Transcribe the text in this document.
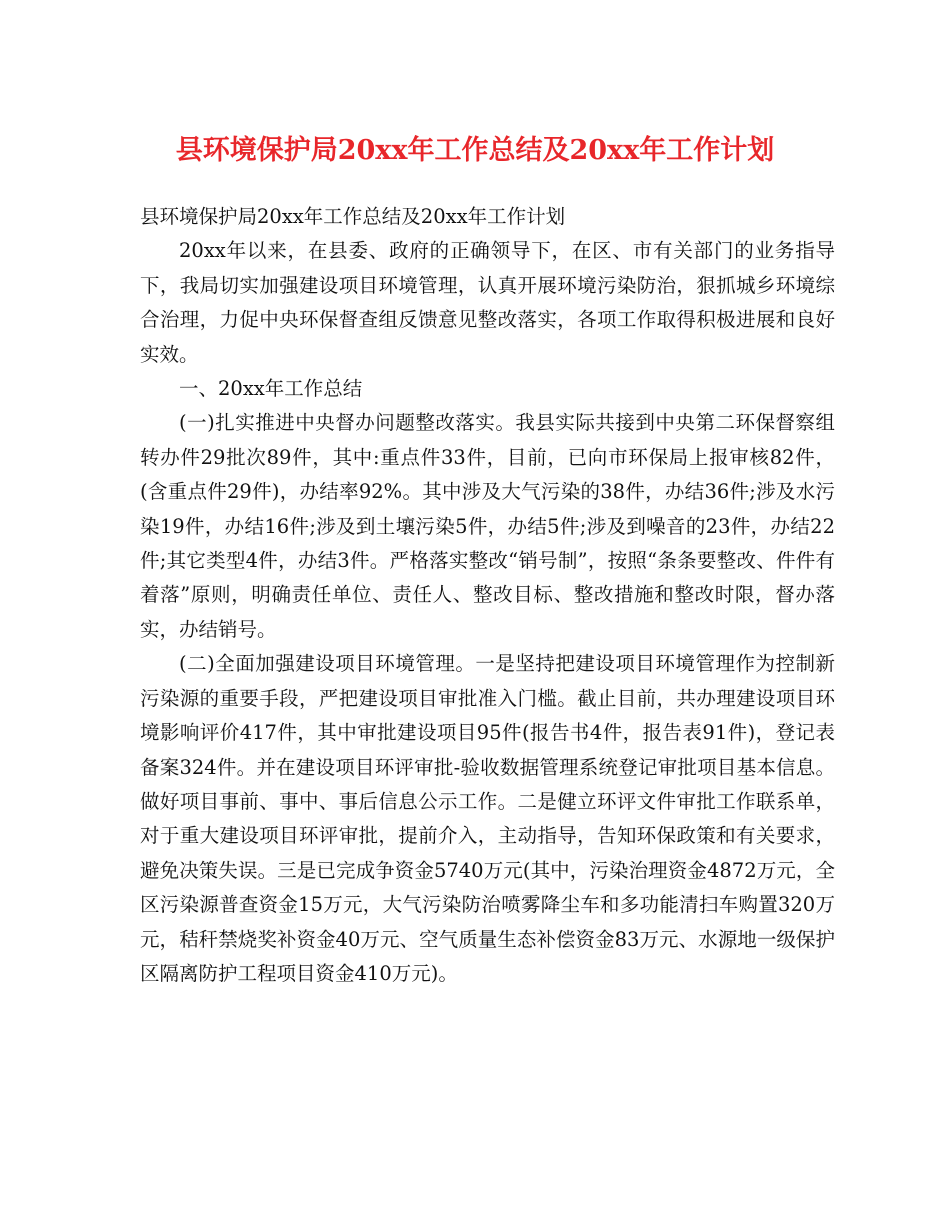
县环境保护局20xx年工作总结及20xx年工作计划

县环境保护局20xx年工作总结及20xx年工作计划

20xx年以来，在县委、政府的正确领导下，在区、市有关部门的业务指导下，我局切实加强建设项目环境管理，认真开展环境污染防治，狠抓城乡环境综合治理，力促中央环保督查组反馈意见整改落实，各项工作取得积极进展和良好实效。

一、20xx年工作总结

(一)扎实推进中央督办问题整改落实。我县实际共接到中央第二环保督察组转办件29批次89件，其中:重点件33件，目前，已向市环保局上报审核82件，(含重点件29件)，办结率92%。其中涉及大气污染的38件，办结36件;涉及水污染19件，办结16件;涉及到土壤污染5件，办结5件;涉及到噪音的23件，办结22件;其它类型4件，办结3件。严格落实整改“销号制”，按照“条条要整改、件件有着落”原则，明确责任单位、责任人、整改目标、整改措施和整改时限，督办落实，办结销号。

(二)全面加强建设项目环境管理。一是坚持把建设项目环境管理作为控制新污染源的重要手段，严把建设项目审批准入门槛。截止目前，共办理建设项目环境影响评价417件，其中审批建设项目95件(报告书4件，报告表91件)，登记表备案324件。并在建设项目环评审批-验收数据管理系统登记审批项目基本信息。做好项目事前、事中、事后信息公示工作。二是健立环评文件审批工作联系单，对于重大建设项目环评审批，提前介入，主动指导，告知环保政策和有关要求，避免决策失误。三是已完成争资金5740万元(其中，污染治理资金4872万元，全区污染源普查资金15万元，大气污染防治喷雾降尘车和多功能清扫车购置320万元，秸秆禁烧奖补资金40万元、空气质量生态补偿资金83万元、水源地一级保护区隔离防护工程项目资金410万元)。
